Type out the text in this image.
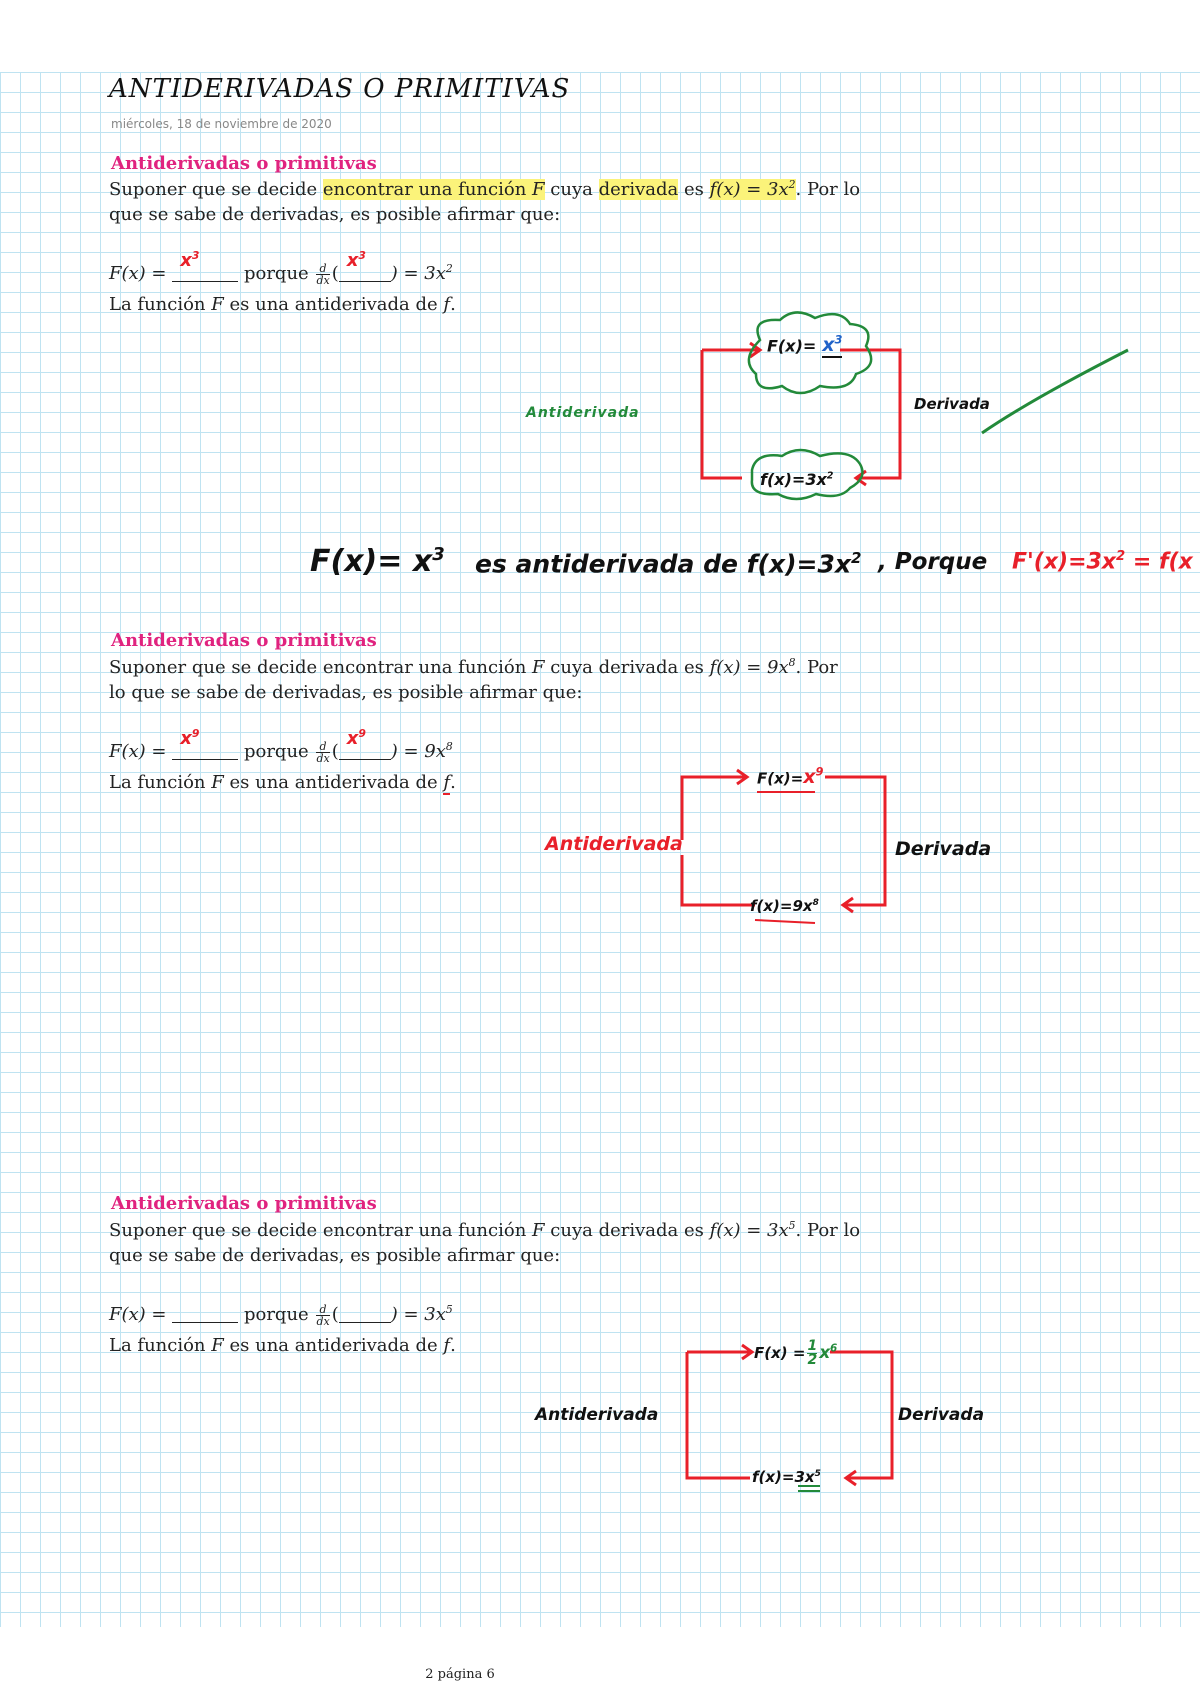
ANTIDERIVADAS O PRIMITIVAS
miércoles, 18 de noviembre de 2020
Antiderivadas o primitivas
Suponer que se decide encontrar una función F cuya derivada es $f(x) = 3x^2$. Por lo
que se sabe de derivadas, es posible afirmar que:
F(x) =
$x^3$
porque $\frac{d}{dx}$ (
$x^3$
) = $3x^2$
La función F es una antiderivada de f.
$F(x)= x^3$
$f(x)=3x^2$
Antiderivada	Derivada
$F(x)= x^3$ es antiderivada de $f(x)=3x^2$ , Porque $F'(x)=3x^2 = f(x$
Antiderivadas o primitivas
Suponer que se decide encontrar una función F cuya derivada es $f(x) = 9x^8$. Por
lo que se sabe de derivadas, es posible afirmar que:
F(x) =
$x^9$
porque $\frac{d}{dx}$ (
$x^9$
) = $9x^8$
La función F es una antiderivada de f.	$F(x)=x^9$
$f(x)=9x^8$
Antiderivada	Derivada
Antiderivadas o primitivas
Suponer que se decide encontrar una función F cuya derivada es $f(x) = 3x^5$. Por lo
que se sabe de derivadas, es posible afirmar que:
F(x) =	porque $\frac{d}{dx}$ (	) = $3x^5$
La función F es una antiderivada de f.	$F(x) = \frac{1}{2} x^6$
$f(x)=3x^5$
Antiderivada	Derivada
2 página 6
